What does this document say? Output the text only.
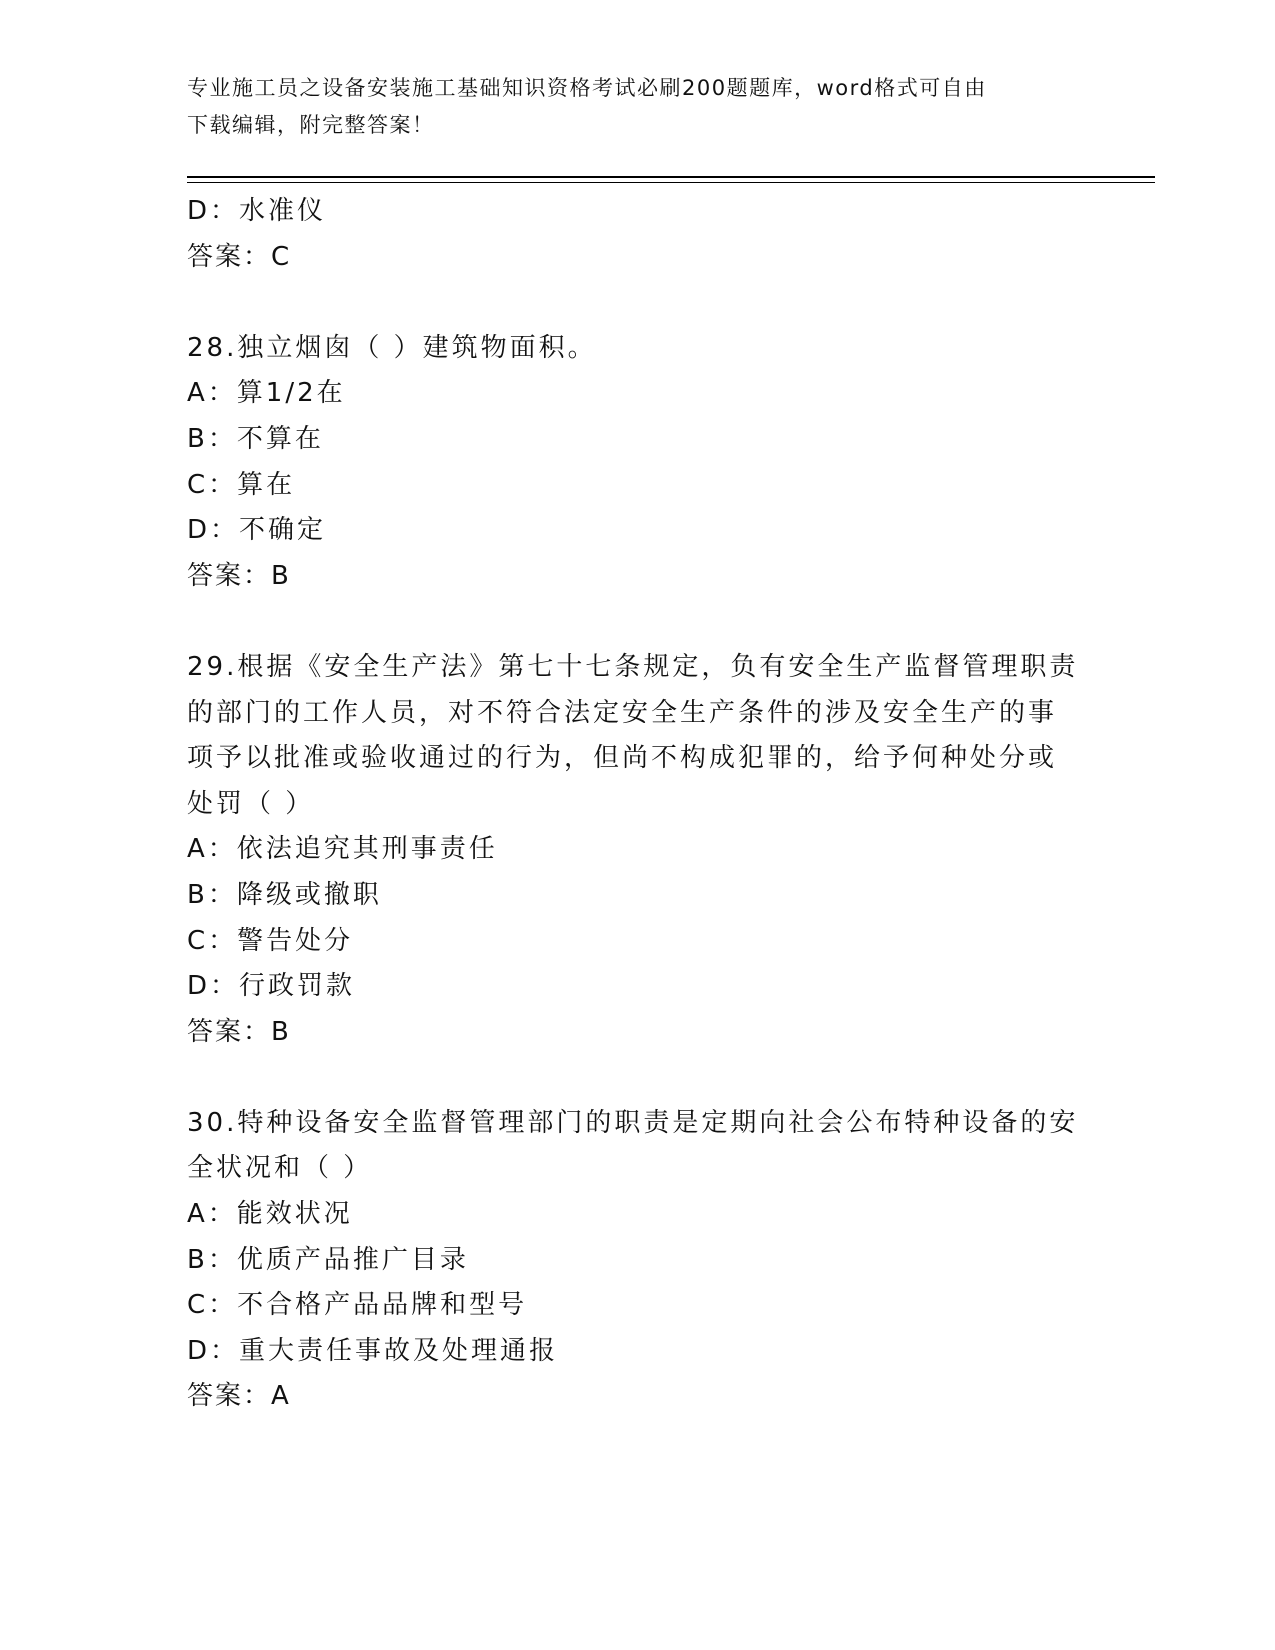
专业施工员之设备安装施工基础知识资格考试必刷200题题库，word格式可自由
下载编辑，附完整答案！
D：水准仪
答案：C
28.独立烟囱（ ）建筑物面积。
A：算1/2在
B：不算在
C：算在
D：不确定
答案：B
29.根据《安全生产法》第七十七条规定，负有安全生产监督管理职责
的部门的工作人员，对不符合法定安全生产条件的涉及安全生产的事
项予以批准或验收通过的行为，但尚不构成犯罪的，给予何种处分或
处罚（ ）
A：依法追究其刑事责任
B：降级或撤职
C：警告处分
D：行政罚款
答案：B
30.特种设备安全监督管理部门的职责是定期向社会公布特种设备的安
全状况和（ ）
A：能效状况
B：优质产品推广目录
C：不合格产品品牌和型号
D：重大责任事故及处理通报
答案：A
